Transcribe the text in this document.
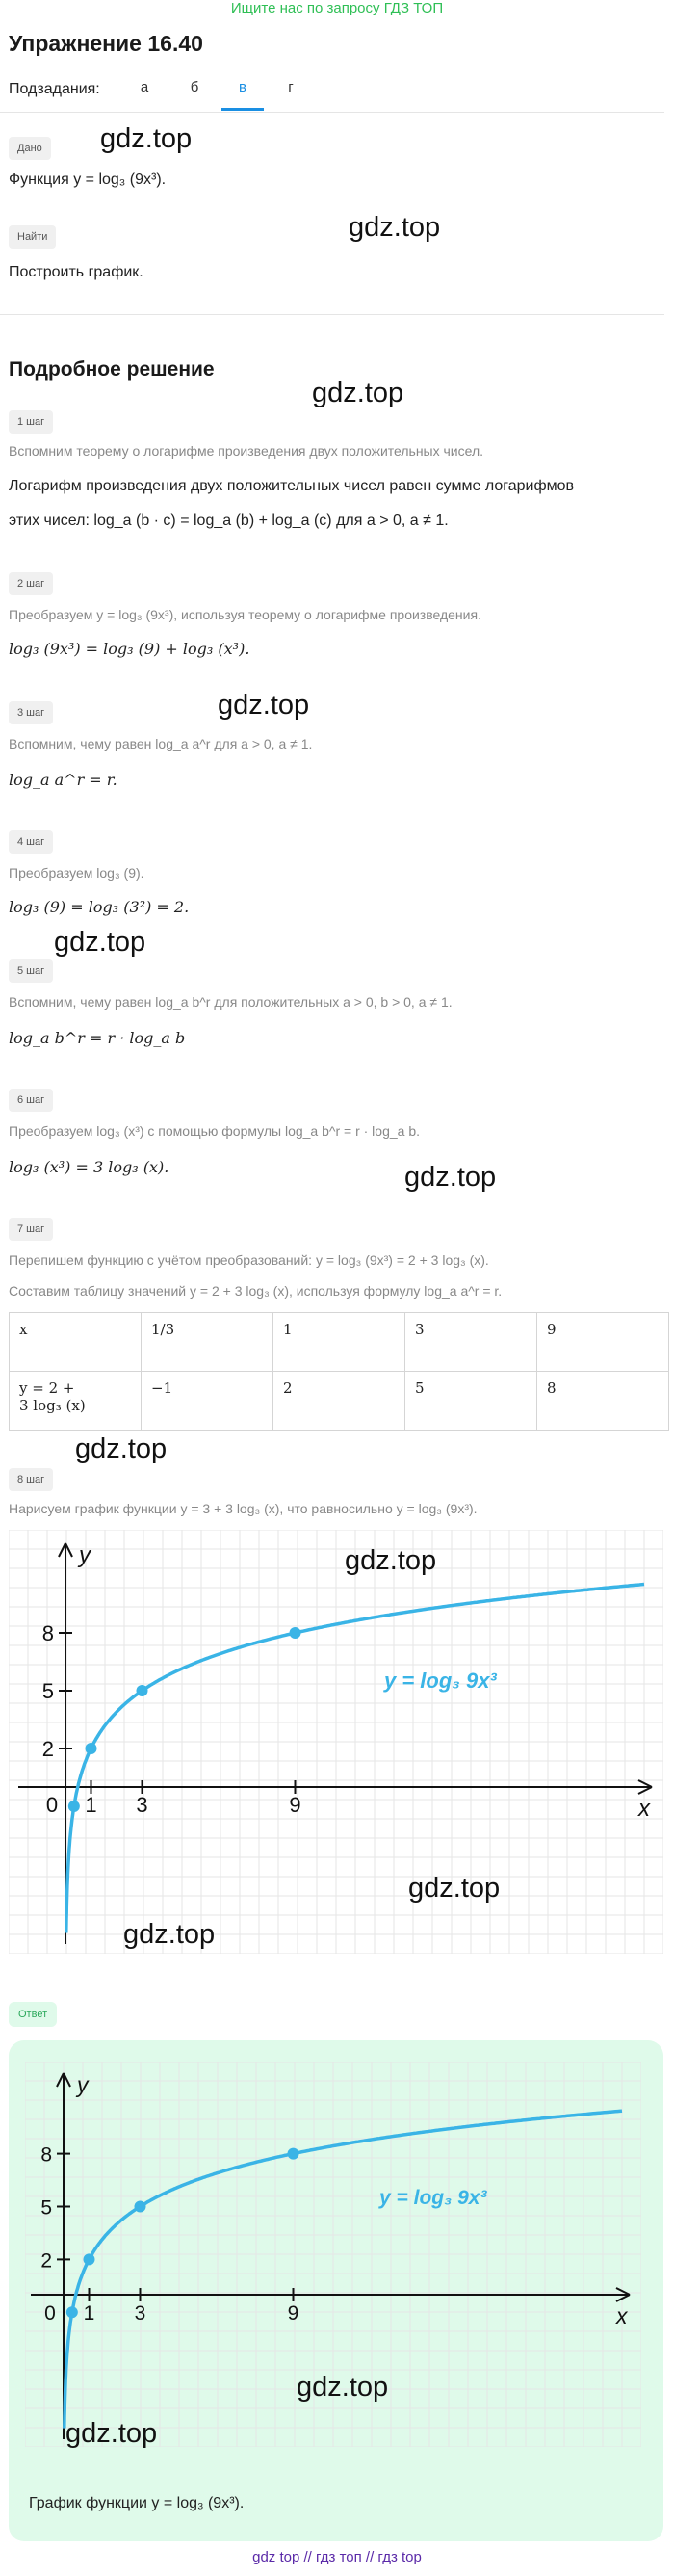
Ищите нас по запросу ГДЗ ТОП
Упражнение 16.40
Подзадания:	а	б	в	г
Дано
Функция y = log₃ (9x³).
gdz.top
Найти
Построить график.
gdz.top
Подробное решение
gdz.top
1 шаг
Вспомним теорему о логарифме произведения двух положительных чисел.
Логарифм произведения двух положительных чисел равен сумме логарифмов
этих чисел: log_a (b · c) = log_a (b) + log_a (c) для a > 0, a ≠ 1.
2 шаг
Преобразуем y = log₃ (9x³), используя теорему о логарифме произведения.
log₃ (9x³) = log₃ (9) + log₃ (x³).
3 шаг	gdz.top
Вспомним, чему равен log_a a^r для a > 0, a ≠ 1.
log_a a^r = r.
4 шаг
Преобразуем log₃ (9).
log₃ (9) = log₃ (3²) = 2.
gdz.top
5 шаг
Вспомним, чему равен log_a b^r для положительных a > 0, b > 0, a ≠ 1.
log_a b^r = r · log_a b
6 шаг
Преобразуем log₃ (x³) с помощью формулы log_a b^r = r · log_a b.
log₃ (x³) = 3 log₃ (x).	gdz.top
7 шаг
Перепишем функцию с учётом преобразований: y = log₃ (9x³) = 2 + 3 log₃ (x).
Составим таблицу значений y = 2 + 3 log₃ (x), используя формулу log_a a^r = r.
x	1/3	1	3	9

y = 2 +
3 log₃ (x)	−1	2	5	8
gdz.top
8 шаг
Нарисуем график функции y = 3 + 3 log₃ (x), что равносильно y = log₃ (9x³).
0 1 3	9
2
5
8
x
y
y = log₃ 9x³
gdz.top
gdz.top
gdz.top
Ответ
0 1 3	9
2
5
8
x
y
y = log₃ 9x³
gdz.top
gdz.top
График функции y = log₃ (9x³).
gdz top // гдз топ // гдз top
